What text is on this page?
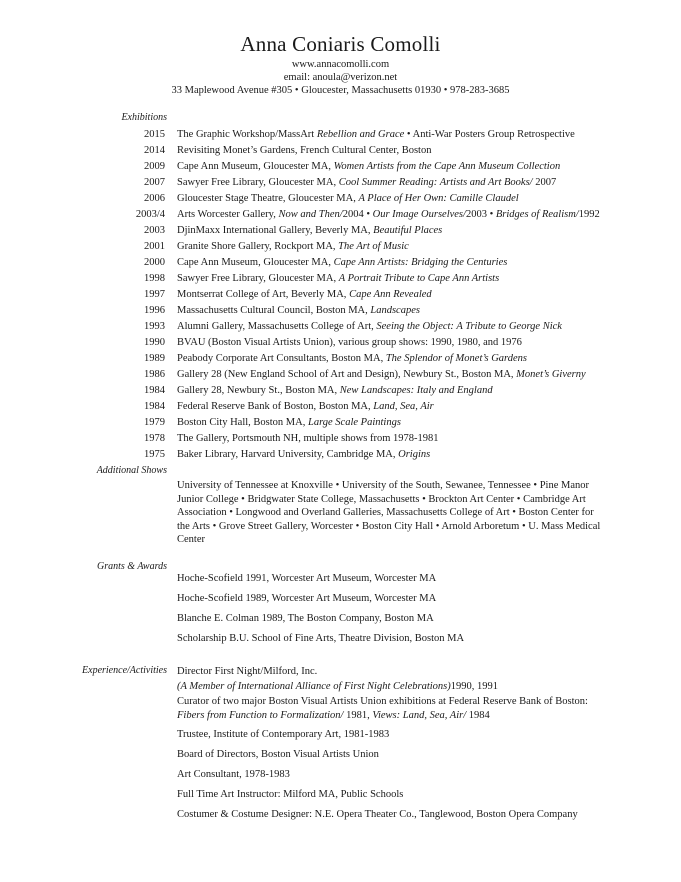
Anna Coniaris Comolli
www.annacomolli.com
email: anoula@verizon.net
33 Maplewood Avenue #305 • Gloucester, Massachusetts 01930 • 978-283-3685
Exhibitions
2015 The Graphic Workshop/MassArt Rebellion and Grace • Anti-War Posters Group Retrospective
2014 Revisiting Monet’s Gardens, French Cultural Center, Boston
2009 Cape Ann Museum, Gloucester MA, Women Artists from the Cape Ann Museum Collection
2007 Sawyer Free Library, Gloucester MA, Cool Summer Reading: Artists and Art Books/ 2007
2006 Gloucester Stage Theatre, Gloucester MA, A Place of Her Own: Camille Claudel
2003/4 Arts Worcester Gallery, Now and Then/2004 • Our Image Ourselves/2003 • Bridges of Realism/1992
2003 DjinMaxx International Gallery, Beverly MA, Beautiful Places
2001 Granite Shore Gallery, Rockport MA, The Art of Music
2000 Cape Ann Museum, Gloucester MA, Cape Ann Artists: Bridging the Centuries
1998 Sawyer Free Library, Gloucester MA, A Portrait Tribute to Cape Ann Artists
1997 Montserrat College of Art, Beverly MA, Cape Ann Revealed
1996 Massachusetts Cultural Council, Boston MA, Landscapes
1993 Alumni Gallery, Massachusetts College of Art, Seeing the Object: A Tribute to George Nick
1990 BVAU (Boston Visual Artists Union), various group shows: 1990, 1980, and 1976
1989 Peabody Corporate Art Consultants, Boston MA, The Splendor of Monet’s Gardens
1986 Gallery 28 (New England School of Art and Design), Newbury St., Boston MA, Monet’s Giverny
1984 Gallery 28, Newbury St., Boston MA, New Landscapes: Italy and England
1984 Federal Reserve Bank of Boston, Boston MA, Land, Sea, Air
1979 Boston City Hall, Boston MA, Large Scale Paintings
1978 The Gallery, Portsmouth NH, multiple shows from 1978-1981
1975 Baker Library, Harvard University, Cambridge MA, Origins
Additional Shows
University of Tennessee at Knoxville • University of the South, Sewanee, Tennessee • Pine Manor Junior College • Bridgwater State College, Massachusetts • Brockton Art Center • Cambridge Art Association • Longwood and Overland Galleries, Massachusetts College of Art • Boston Center for the Arts • Grove Street Gallery, Worcester • Boston City Hall • Arnold Arboretum • U. Mass Medical Center
Grants & Awards
Hoche-Scofield 1991, Worcester Art Museum, Worcester MA
Hoche-Scofield 1989, Worcester Art Museum, Worcester MA
Blanche E. Colman 1989, The Boston Company, Boston MA
Scholarship B.U. School of Fine Arts, Theatre Division, Boston MA
Experience/Activities Director First Night/Milford, Inc.
(A Member of International Alliance of First Night Celebrations)1990, 1991
Curator of two major Boston Visual Artists Union exhibitions at Federal Reserve Bank of Boston:
Fibers from Function to Formalization/ 1981, Views: Land, Sea, Air/ 1984
Trustee, Institute of Contemporary Art, 1981-1983
Board of Directors, Boston Visual Artists Union
Art Consultant, 1978-1983
Full Time Art Instructor: Milford MA, Public Schools
Costumer & Costume Designer: N.E. Opera Theater Co., Tanglewood, Boston Opera Company
